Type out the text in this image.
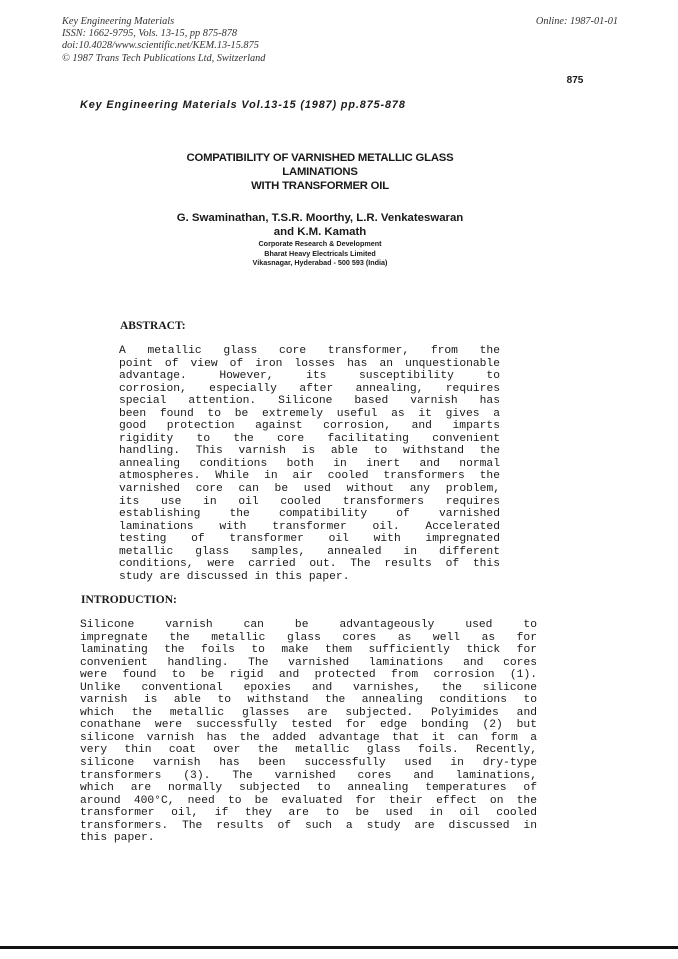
Key Engineering Materials
ISSN: 1662-9795, Vols. 13-15, pp 875-878
doi:10.4028/www.scientific.net/KEM.13-15.875
© 1987 Trans Tech Publications Ltd, Switzerland
Online: 1987-01-01
875
Key Engineering Materials Vol.13-15 (1987) pp.875-878
COMPATIBILITY OF VARNISHED METALLIC GLASS
LAMINATIONS
WITH TRANSFORMER OIL
G. Swaminathan, T.S.R. Moorthy, L.R. Venkateswaran
and K.M. Kamath
Corporate Research & Development
Bharat Heavy Electricals Limited
Vikasnagar, Hyderabad - 500 593 (India)
ABSTRACT:
A metallic glass core transformer, from the
point of view of iron losses has an unquestionable
advantage. However, its susceptibility to
corrosion, especially after annealing, requires
special attention. Silicone based varnish has
been found to be extremely useful as it gives a
good protection against corrosion, and imparts
rigidity to the core facilitating convenient
handling. This varnish is able to withstand the
annealing conditions both in inert and normal
atmospheres. While in air cooled transformers the
varnished core can be used without any problem,
its use in oil cooled transformers requires
establishing the compatibility of varnished
laminations with transformer oil. Accelerated
testing of transformer oil with impregnated
metallic glass samples, annealed in different
conditions, were carried out. The results of this
study are discussed in this paper.
INTRODUCTION:
Silicone varnish can be advantageously used to
impregnate the metallic glass cores as well as for
laminating the foils to make them sufficiently thick for
convenient handling. The varnished laminations and cores
were found to be rigid and protected from corrosion (1).
Unlike conventional epoxies and varnishes, the silicone
varnish is able to withstand the annealing conditions to
which the metallic glasses are subjected. Polyimides and
conathane were successfully tested for edge bonding (2) but
silicone varnish has the added advantage that it can form a
very thin coat over the metallic glass foils. Recently,
silicone varnish has been successfully used in dry-type
transformers (3). The varnished cores and laminations,
which are normally subjected to annealing temperatures of
around 400°C, need to be evaluated for their effect on the
transformer oil, if they are to be used in oil cooled
transformers. The results of such a study are discussed in
this paper.
